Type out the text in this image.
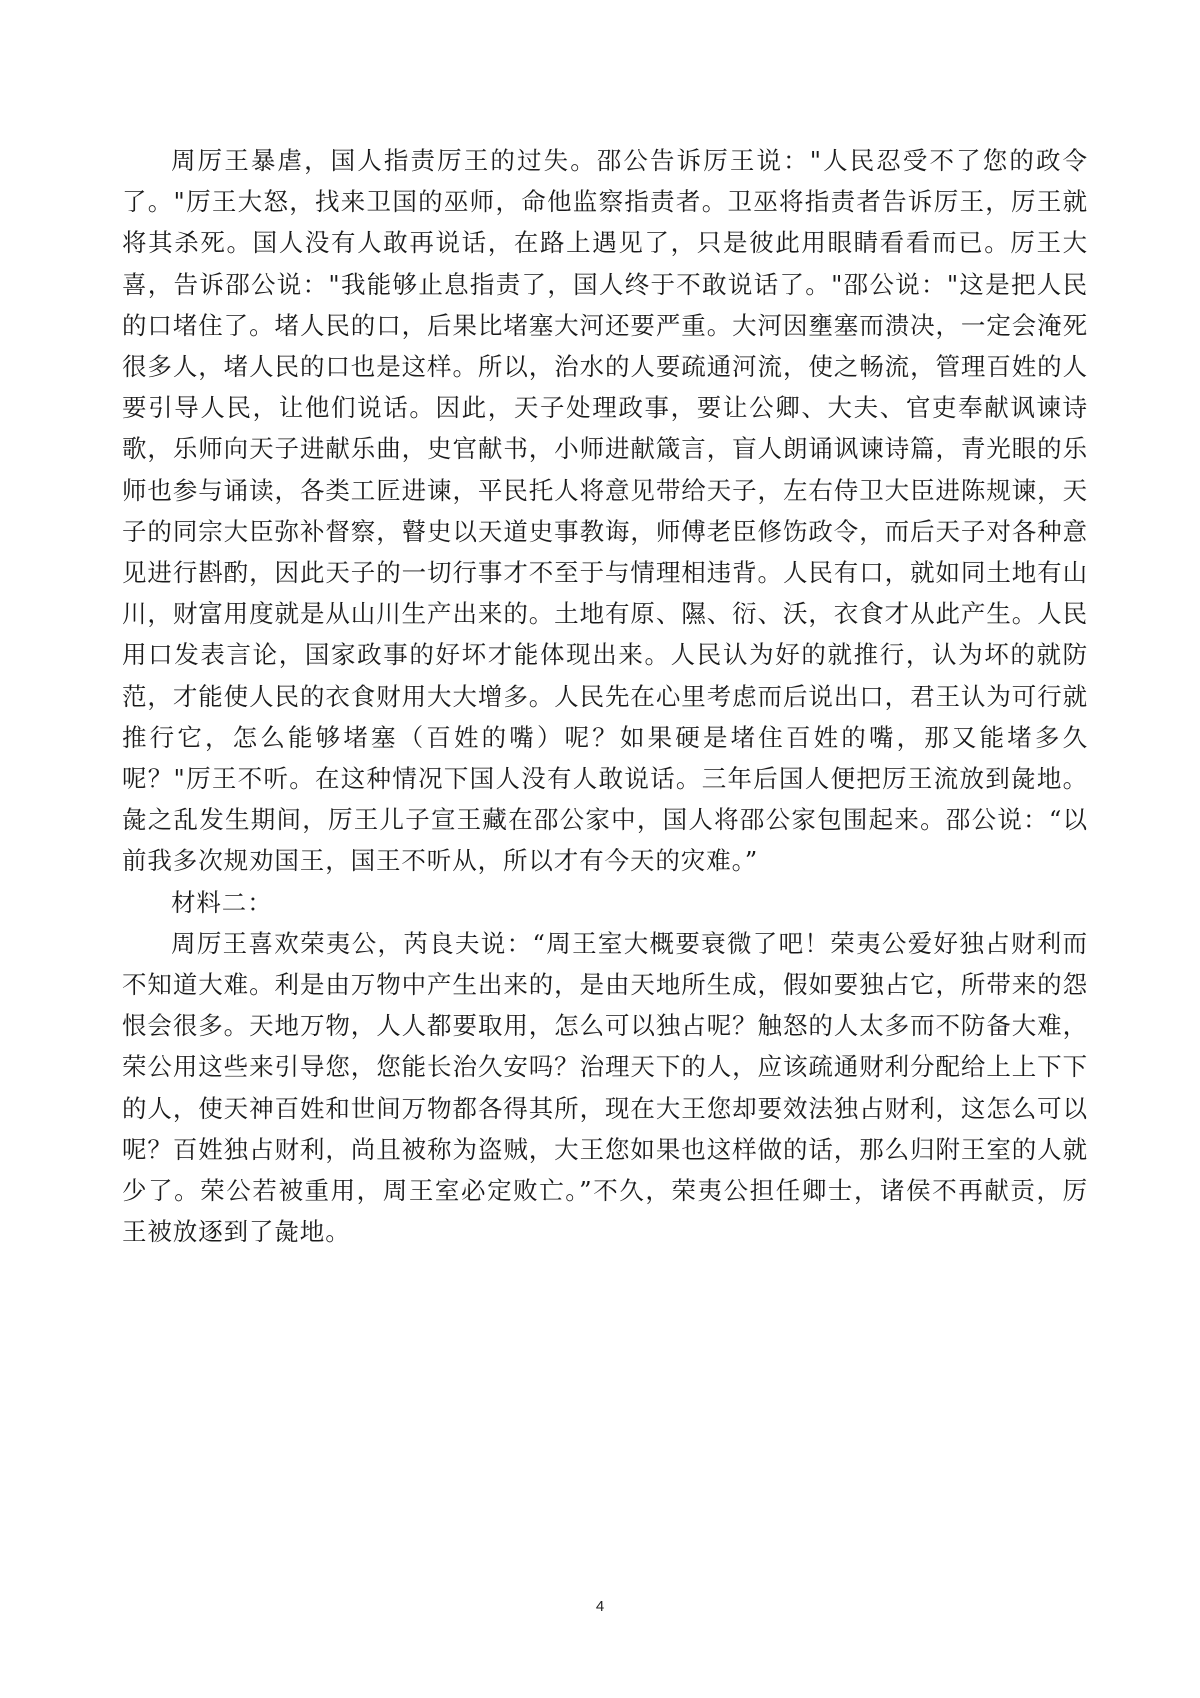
周厉王暴虐，国人指责厉王的过失。邵公告诉厉王说："人民忍受不了您的政令了。"厉王大怒，找来卫国的巫师，命他监察指责者。卫巫将指责者告诉厉王，厉王就将其杀死。国人没有人敢再说话，在路上遇见了，只是彼此用眼睛看看而已。厉王大喜，告诉邵公说："我能够止息指责了，国人终于不敢说话了。"邵公说："这是把人民的口堵住了。堵人民的口，后果比堵塞大河还要严重。大河因壅塞而溃决，一定会淹死很多人，堵人民的口也是这样。所以，治水的人要疏通河流，使之畅流，管理百姓的人要引导人民，让他们说话。因此，天子处理政事，要让公卿、大夫、官吏奉献讽谏诗歌，乐师向天子进献乐曲，史官献书，小师进献箴言，盲人朗诵讽谏诗篇，青光眼的乐师也参与诵读，各类工匠进谏，平民托人将意见带给天子，左右侍卫大臣进陈规谏，天子的同宗大臣弥补督察，瞽史以天道史事教诲，师傅老臣修饬政令，而后天子对各种意见进行斟酌，因此天子的一切行事才不至于与情理相违背。人民有口，就如同土地有山川，财富用度就是从山川生产出来的。土地有原、隰、衍、沃，衣食才从此产生。人民用口发表言论，国家政事的好坏才能体现出来。人民认为好的就推行，认为坏的就防范，才能使人民的衣食财用大大增多。人民先在心里考虑而后说出口，君王认为可行就推行它，怎么能够堵塞（百姓的嘴）呢？如果硬是堵住百姓的嘴，那又能堵多久呢？"厉王不听。在这种情况下国人没有人敢说话。三年后国人便把厉王流放到彘地。彘之乱发生期间，厉王儿子宣王藏在邵公家中，国人将邵公家包围起来。邵公说：“以前我多次规劝国王，国王不听从，所以才有今天的灾难。”

材料二：

周厉王喜欢荣夷公，芮良夫说：“周王室大概要衰微了吧！荣夷公爱好独占财利而不知道大难。利是由万物中产生出来的，是由天地所生成，假如要独占它，所带来的怨恨会很多。天地万物，人人都要取用，怎么可以独占呢？触怒的人太多而不防备大难，荣公用这些来引导您，您能长治久安吗？治理天下的人，应该疏通财利分配给上上下下的人，使天神百姓和世间万物都各得其所，现在大王您却要效法独占财利，这怎么可以呢？百姓独占财利，尚且被称为盗贼，大王您如果也这样做的话，那么归附王室的人就少了。荣公若被重用，周王室必定败亡。”不久，荣夷公担任卿士，诸侯不再献贡，厉王被放逐到了彘地。

4
